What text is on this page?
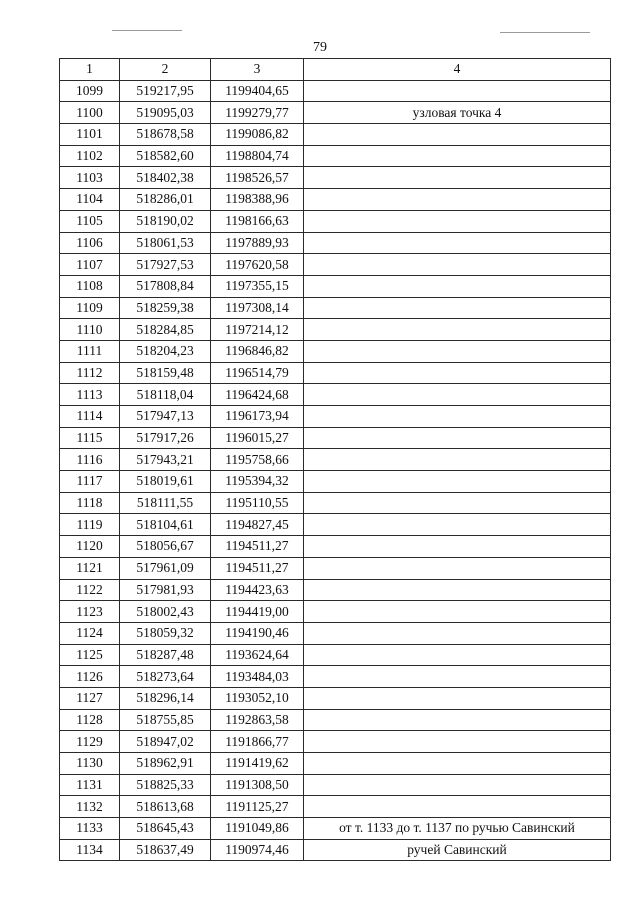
79
1	2	3	4
1099	519217,95	1199404,65	
1100	519095,03	1199279,77	узловая точка 4
1101	518678,58	1199086,82	
1102	518582,60	1198804,74	
1103	518402,38	1198526,57	
1104	518286,01	1198388,96	
1105	518190,02	1198166,63	
1106	518061,53	1197889,93	
1107	517927,53	1197620,58	
1108	517808,84	1197355,15	
1109	518259,38	1197308,14	
1110	518284,85	1197214,12	
1111	518204,23	1196846,82	
1112	518159,48	1196514,79	
1113	518118,04	1196424,68	
1114	517947,13	1196173,94	
1115	517917,26	1196015,27	
1116	517943,21	1195758,66	
1117	518019,61	1195394,32	
1118	518111,55	1195110,55	
1119	518104,61	1194827,45	
1120	518056,67	1194511,27	
1121	517961,09	1194511,27	
1122	517981,93	1194423,63	
1123	518002,43	1194419,00	
1124	518059,32	1194190,46	
1125	518287,48	1193624,64	
1126	518273,64	1193484,03	
1127	518296,14	1193052,10	
1128	518755,85	1192863,58	
1129	518947,02	1191866,77	
1130	518962,91	1191419,62	
1131	518825,33	1191308,50	
1132	518613,68	1191125,27	
1133	518645,43	1191049,86	от т. 1133 до т. 1137 по ручью Савинский
1134	518637,49	1190974,46	ручей Савинский
